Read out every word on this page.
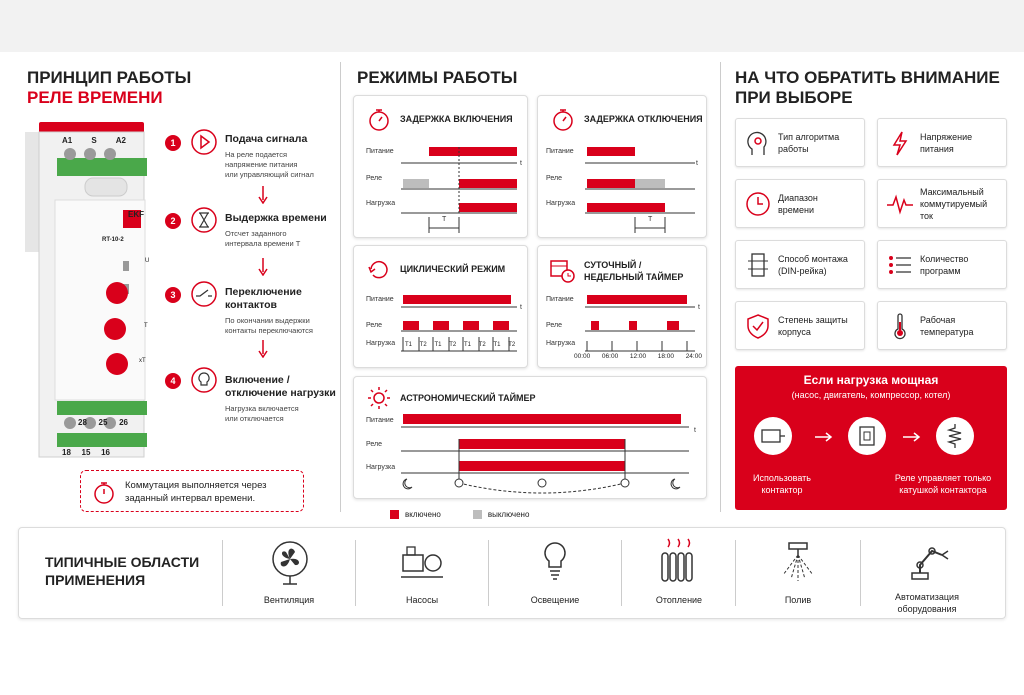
ПРИНЦИП РАБОТЫ
РЕЛЕ ВРЕМЕНИ
A1 S A2
EKF
RT-10-2
U
T
xT
28 25 26
18 15 16
1	Подача сигнала
На реле подается
напряжение питания
или управляющий сигнал
2	Выдержка времени
Отсчет заданного
интервала времени T
3	Переключение контактов
По окончании выдержки
контакты переключаются
4	Включение / отключение нагрузки
Нагрузка включается
или отключается
Коммутация выполняется через заданный интервал времени.
РЕЖИМЫ РАБОТЫ
ЗАДЕРЖКА ВКЛЮЧЕНИЯ
Питание
Реле
Нагрузка
T
t
ЗАДЕРЖКА ОТКЛЮЧЕНИЯ
Питание
Реле
Нагрузка
T
t
ЦИКЛИЧЕСКИЙ РЕЖИМ
Питание
Реле
Нагрузка T1	T2	T1	T2	T1	T2	T1	T2
t
СУТОЧНЫЙ /
НЕДЕЛЬНЫЙ ТАЙМЕР
Питание
Реле
Нагрузка
00:00 06:00 12:00 18:00 24:00
t
АСТРОНОМИЧЕСКИЙ ТАЙМЕР
Питание
Реле
Нагрузка
t
включено	выключено
НА ЧТО ОБРАТИТЬ ВНИМАНИЕ
ПРИ ВЫБОРЕ
Тип алгоритма
работы
Напряжение
питания
Диапазон
времени
Максимальный
коммутируемый ток
Способ монтажа
(DIN-рейка)
Количество
программ
Степень защиты
корпуса
Рабочая
температура
Если нагрузка мощная
(насос, двигатель, компрессор, котел)
Использовать
контактор
Реле управляет только
катушкой контактора
ТИПИЧНЫЕ ОБЛАСТИ
ПРИМЕНЕНИЯ
Вентиляция	Насосы	Освещение	Отопление	Полив	Автоматизация
оборудования
